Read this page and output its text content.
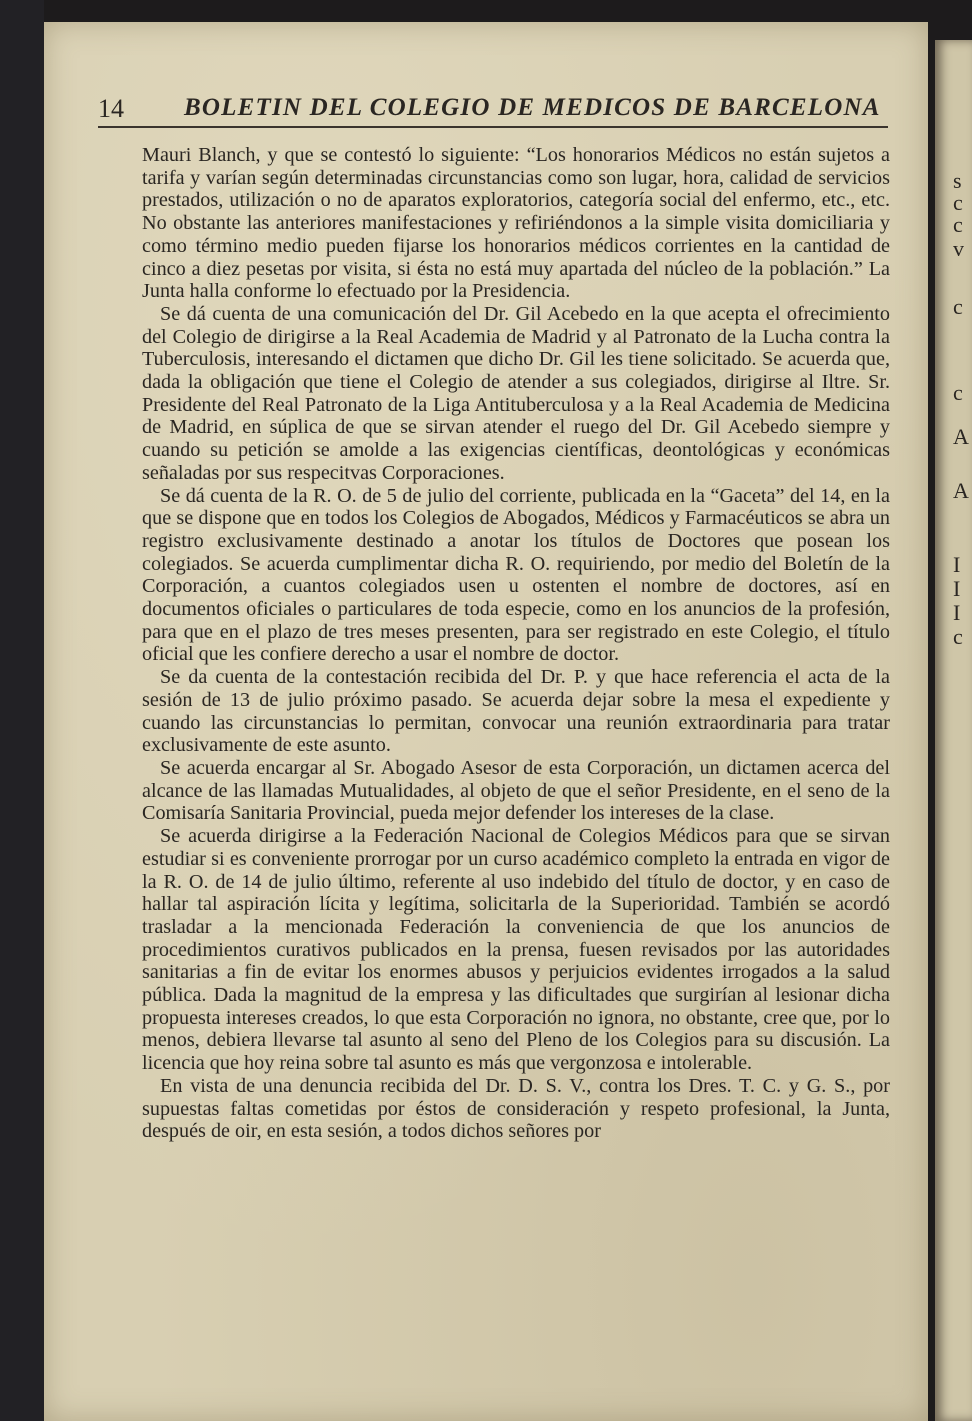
s
c
c
v
c
c
A
A
I
I
I
c
14 BOLETIN DEL COLEGIO DE MEDICOS DE BARCELONA

Mauri Blanch, y que se contestó lo siguiente: “Los honorarios Médicos no están sujetos a tarifa y varían según determinadas circunstancias como son lugar, hora, calidad de servicios prestados, utilización o no de aparatos exploratorios, categoría social del enfermo, etc., etc. No obstante las anteriores manifestaciones y refiriéndonos a la simple visita domiciliaria y como término medio pueden fijarse los honorarios médicos corrientes en la cantidad de cinco a diez pesetas por visita, si ésta no está muy apartada del núcleo de la población.” La Junta halla conforme lo efectuado por la Presidencia.

Se dá cuenta de una comunicación del Dr. Gil Acebedo en la que acepta el ofrecimiento del Colegio de dirigirse a la Real Academia de Madrid y al Patronato de la Lucha contra la Tuberculosis, interesando el dictamen que dicho Dr. Gil les tiene solicitado. Se acuerda que, dada la obligación que tiene el Colegio de atender a sus colegiados, dirigirse al Iltre. Sr. Presidente del Real Patronato de la Liga Antituberculosa y a la Real Academia de Medicina de Madrid, en súplica de que se sirvan atender el ruego del Dr. Gil Acebedo siempre y cuando su petición se amolde a las exigencias científicas, deontológicas y económicas señaladas por sus respecitvas Corporaciones.

Se dá cuenta de la R. O. de 5 de julio del corriente, publicada en la “Gaceta” del 14, en la que se dispone que en todos los Colegios de Abogados, Médicos y Farmacéuticos se abra un registro exclusivamente destinado a anotar los títulos de Doctores que posean los colegiados. Se acuerda cumplimentar dicha R. O. requiriendo, por medio del Boletín de la Corporación, a cuantos colegiados usen u ostenten el nombre de doctores, así en documentos oficiales o particulares de toda especie, como en los anuncios de la profesión, para que en el plazo de tres meses presenten, para ser registrado en este Colegio, el título oficial que les confiere derecho a usar el nombre de doctor.

Se da cuenta de la contestación recibida del Dr. P. y que hace referencia el acta de la sesión de 13 de julio próximo pasado. Se acuerda dejar sobre la mesa el expediente y cuando las circunstancias lo permitan, convocar una reunión extraordinaria para tratar exclusivamente de este asunto.

Se acuerda encargar al Sr. Abogado Asesor de esta Corporación, un dictamen acerca del alcance de las llamadas Mutualidades, al objeto de que el señor Presidente, en el seno de la Comisaría Sanitaria Provincial, pueda mejor defender los intereses de la clase.

Se acuerda dirigirse a la Federación Nacional de Colegios Médicos para que se sirvan estudiar si es conveniente prorrogar por un curso académico completo la entrada en vigor de la R. O. de 14 de julio último, referente al uso indebido del título de doctor, y en caso de hallar tal aspiración lícita y legítima, solicitarla de la Superioridad. También se acordó trasladar a la mencionada Federación la conveniencia de que los anuncios de procedimientos curativos publicados en la prensa, fuesen revisados por las autoridades sanitarias a fin de evitar los enormes abusos y perjuicios evidentes irrogados a la salud pública. Dada la magnitud de la empresa y las dificultades que surgirían al lesionar dicha propuesta intereses creados, lo que esta Corporación no ignora, no obstante, cree que, por lo menos, debiera llevarse tal asunto al seno del Pleno de los Colegios para su discusión. La licencia que hoy reina sobre tal asunto es más que vergonzosa e intolerable.

En vista de una denuncia recibida del Dr. D. S. V., contra los Dres. T. C. y G. S., por supuestas faltas cometidas por éstos de consideración y respeto profesional, la Junta, después de oir, en esta sesión, a todos dichos señores por
